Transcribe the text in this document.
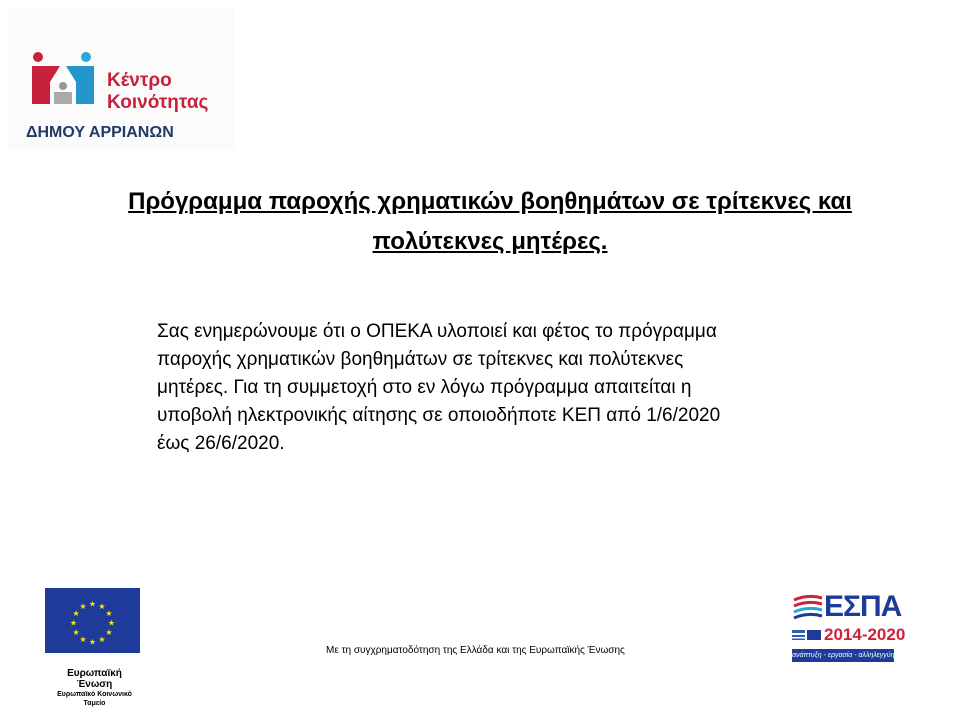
Κέντρο
Κοινότητας
ΔΗΜΟΥ ΑΡΡΙΑΝΩΝ
Πρόγραμμα παροχής χρηματικών βοηθημάτων σε τρίτεκνες και
πολύτεκνες μητέρες.
Σας ενημερώνουμε ότι ο ΟΠΕΚΑ υλοποιεί και φέτος το πρόγραμμα
παροχής χρηματικών βοηθημάτων σε τρίτεκνες και πολύτεκνες
μητέρες. Για τη συμμετοχή στο εν λόγω πρόγραμμα απαιτείται η
υποβολή ηλεκτρονικής αίτησης σε οποιοδήποτε ΚΕΠ από 1/6/2020
έως 26/6/2020.
★ ★
★
★
★
★
★
★
★
★
★
★
Ευρωπαϊκή
Ένωση
Ευρωπαϊκό Κοινωνικό
Ταμείο
Με τη συγχρηματοδότηση της Ελλάδα και της Ευρωπαϊκής Ένωσης
ΕΣΠΑ
2014-2020
ανάπτυξη - εργασία - αλληλεγγύη
